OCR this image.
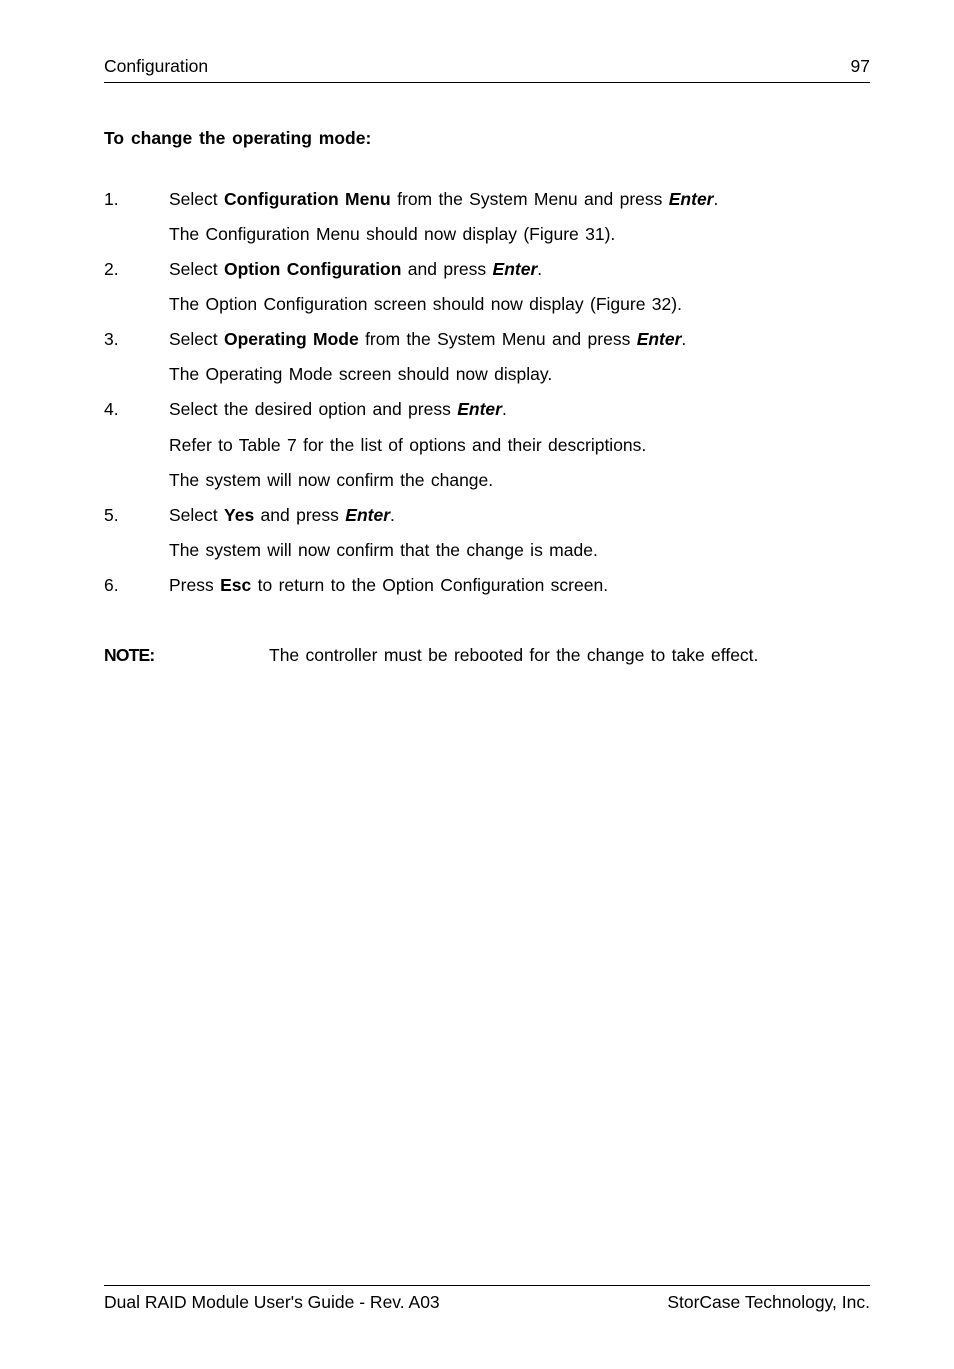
Configuration	97
To change the operating mode:
1.	Select Configuration Menu from the System Menu and press Enter.
The Configuration Menu should now display (Figure 31).
2.	Select Option Configuration and press Enter.
The Option Configuration screen should now display (Figure 32).
3.	Select Operating Mode from the System Menu and press Enter.
The Operating Mode screen should now display.
4.	Select the desired option and press Enter.
Refer to Table 7 for the list of options and their descriptions.
The system will now confirm the change.
5.	Select Yes and press Enter.
The system will now confirm that the change is made.
6.	Press Esc to return to the Option Configuration screen.
NOTE:	The controller must be rebooted for the change to take effect.
Dual RAID Module User's Guide - Rev. A03	StorCase Technology, Inc.
